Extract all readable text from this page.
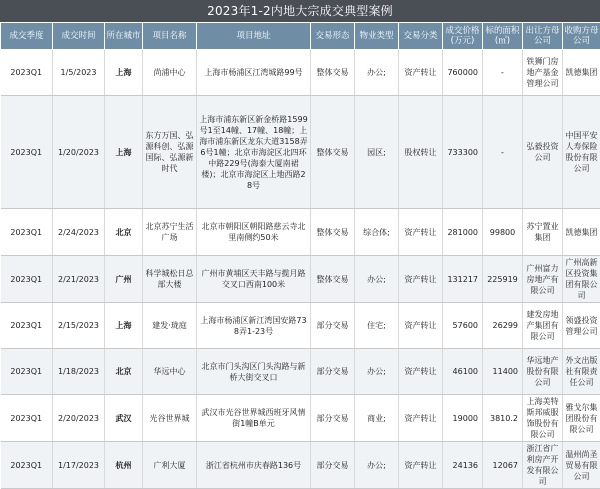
2023年1-2内地大宗成交典型案例
成交季度	成交时间	所在城市	项目名称	项目地址	交易形态	物业类型	交易分类	成交价格(万元)	标的面积(㎡)	出让方母公司	收购方母公司
2023Q1	1/5/2023	上海	尚浦中心	上海市杨浦区江湾城路99号	整体交易	办公;	资产转让	760000	-	铁狮门房地产基金管理公司	凯德集团
2023Q1	1/20/2023	上海	东方万国、弘源科创、弘源国际、弘源新时代	上海市浦东新区新金桥路1599号1至14幢、17幢、18幢；上海市浦东新区龙东大道3158弄6号1幢；北京市海淀区北四环中路229号(海泰大厦南裙楼)；北京市海淀区上地西路28号	整体交易	园区;	股权转让	733300	-	弘毅投资公司	中国平安人寿保险股份有限公司
2023Q1	2/24/2023	北京	北京苏宁生活广场	北京市朝阳区朝阳路慈云寺北里南侧约50米	整体交易	综合体;	资产转让	281000	99800	苏宁置业集团	凯德集团
2023Q1	2/21/2023	广州	科学城松日总部大楼	广州市黄埔区天丰路与揽月路交叉口西南100米	整体交易	办公;	资产转让	131217	225919	广州富力房地产有限公司	广州高新区投资集团有限公司
2023Q1	2/15/2023	上海	建发·珑庭	上海市杨浦区新江湾国安路738弄1-23号	部分交易	住宅;	资产转让	57600	26299	建发房地产集团有限公司	领盛投资管理公司
2023Q1	1/18/2023	北京	华远中心	北京市门头沟区门头沟路与新桥大街交叉口	部分交易	办公;	资产转让	46100	11400	华远地产股份有限公司	外文出版社有限责任公司
2023Q1	2/20/2023	武汉	光谷世界城	武汉市光谷世界城西班牙风情街1幢B单元	部分交易	商业;	资产转让	19000	3810.2	上海美特斯邦威服饰股份有限公司	雅戈尔集团股份有限公司
2023Q1	1/17/2023	杭州	广利大厦	浙江省杭州市庆春路136号	部分交易	办公;	资产转让	24136	12067	浙江省广利房产开发有限公司	温州尚圣贸易有限公司
